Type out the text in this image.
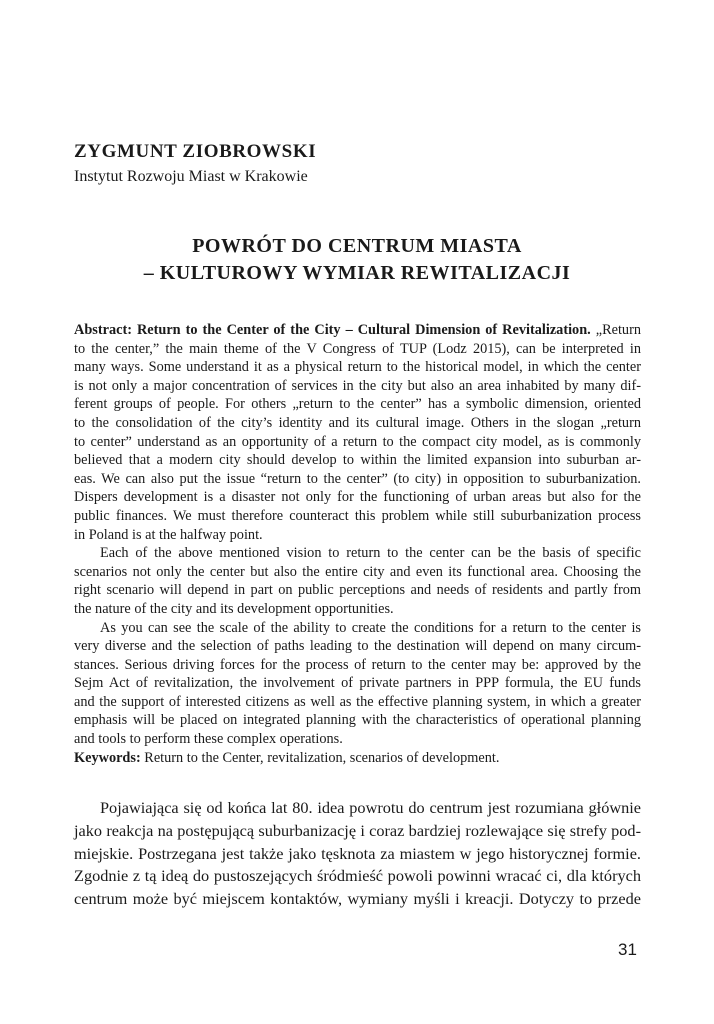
ZYGMUNT ZIOBROWSKI
Instytut Rozwoju Miast w Krakowie
POWRÓT DO CENTRUM MIASTA
– KULTUROWY WYMIAR REWITALIZACJI

Abstract: Return to the Center of the City – Cultural Dimension of Revitalization. „Return
to the center,” the main theme of the V Congress of TUP (Lodz 2015), can be interpreted in
many ways. Some understand it as a physical return to the historical model, in which the center
is not only a major concentration of services in the city but also an area inhabited by many dif-
ferent groups of people. For others „return to the center” has a symbolic dimension, oriented
to the consolidation of the city’s identity and its cultural image. Others in the slogan „return
to center” understand as an opportunity of a return to the compact city model, as is commonly
believed that a modern city should develop to within the limited expansion into suburban ar-
eas. We can also put the issue “return to the center” (to city) in opposition to suburbanization.
Dispers development is a disaster not only for the functioning of urban areas but also for the
public finances. We must therefore counteract this problem while still suburbanization process
in Poland is at the halfway point.

Each of the above mentioned vision to return to the center can be the basis of specific
scenarios not only the center but also the entire city and even its functional area. Choosing the
right scenario will depend in part on public perceptions and needs of residents and partly from
the nature of the city and its development opportunities.

As you can see the scale of the ability to create the conditions for a return to the center is
very diverse and the selection of paths leading to the destination will depend on many circum-
stances. Serious driving forces for the process of return to the center may be: approved by the
Sejm Act of revitalization, the involvement of private partners in PPP formula, the EU funds
and the support of interested citizens as well as the effective planning system, in which a greater
emphasis will be placed on integrated planning with the characteristics of operational planning
and tools to perform these complex operations.

Keywords: Return to the Center, revitalization, scenarios of development.

Pojawiająca się od końca lat 80. idea powrotu do centrum jest rozumiana głównie
jako reakcja na postępującą suburbanizację i coraz bardziej rozlewające się strefy pod-
miejskie. Postrzegana jest także jako tęsknota za miastem w jego historycznej formie.
Zgodnie z tą ideą do pustoszejących śródmieść powoli powinni wracać ci, dla których
centrum może być miejscem kontaktów, wymiany myśli i kreacji. Dotyczy to przede
31
